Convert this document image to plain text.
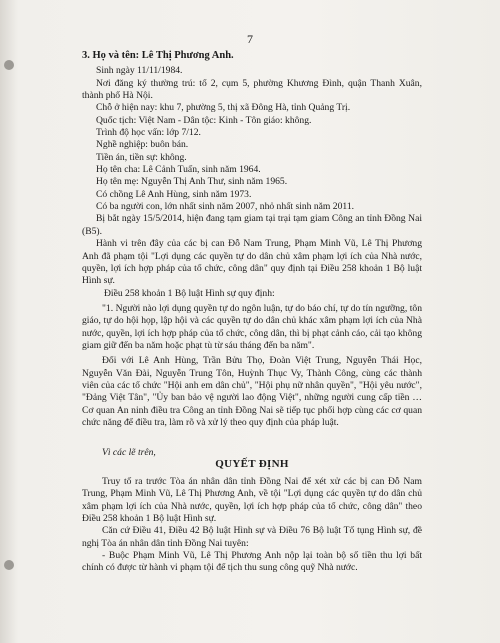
7

3. Họ và tên: Lê Thị Phương Anh.

Sinh ngày 11/11/1984.

Nơi đăng ký thường trú: tổ 2, cụm 5, phường Khương Đình, quận Thanh Xuân, thành phố Hà Nội.

Chỗ ở hiện nay: khu 7, phường 5, thị xã Đông Hà, tỉnh Quảng Trị.

Quốc tịch: Việt Nam - Dân tộc: Kinh - Tôn giáo: không.

Trình độ học vấn: lớp 7/12.

Nghề nghiệp: buôn bán.

Tiền án, tiền sự: không.

Họ tên cha: Lê Cảnh Tuấn, sinh năm 1964.

Họ tên mẹ: Nguyễn Thị Anh Thư, sinh năm 1965.

Có chồng Lê Anh Hùng, sinh năm 1973.

Có ba người con, lớn nhất sinh năm 2007, nhỏ nhất sinh năm 2011.

Bị bắt ngày 15/5/2014, hiện đang tạm giam tại trại tạm giam Công an tỉnh Đồng Nai (B5).

Hành vi trên đây của các bị can Đỗ Nam Trung, Phạm Minh Vũ, Lê Thị Phương Anh đã phạm tội "Lợi dụng các quyền tự do dân chủ xâm phạm lợi ích của Nhà nước, quyền, lợi ích hợp pháp của tổ chức, công dân" quy định tại Điều 258 khoản 1 Bộ luật Hình sự.

Điều 258 khoản 1 Bộ luật Hình sự quy định:

"1. Người nào lợi dụng quyền tự do ngôn luận, tự do báo chí, tự do tín ngưỡng, tôn giáo, tự do hội họp, lập hội và các quyền tự do dân chủ khác xâm phạm lợi ích của Nhà nước, quyền, lợi ích hợp pháp của tổ chức, công dân, thì bị phạt cảnh cáo, cải tạo không giam giữ đến ba năm hoặc phạt tù từ sáu tháng đến ba năm".

Đối với Lê Anh Hùng, Trần Bửu Thọ, Đoàn Việt Trung, Nguyễn Thái Học, Nguyễn Văn Đài, Nguyễn Trung Tôn, Huỳnh Thục Vy, Thành Công, cùng các thành viên của các tổ chức "Hội anh em dân chủ", "Hội phụ nữ nhân quyền", "Hội yêu nước", "Đảng Việt Tân", "Ủy ban bảo vệ người lao động Việt", những người cung cấp tiền … Cơ quan An ninh điều tra Công an tỉnh Đồng Nai sẽ tiếp tục phối hợp cùng các cơ quan chức năng để điều tra, làm rõ và xử lý theo quy định của pháp luật.

Vì các lẽ trên,

QUYẾT ĐỊNH

Truy tố ra trước Tòa án nhân dân tỉnh Đồng Nai để xét xử các bị can Đỗ Nam Trung, Phạm Minh Vũ, Lê Thị Phương Anh, về tội "Lợi dụng các quyền tự do dân chủ xâm phạm lợi ích của Nhà nước, quyền, lợi ích hợp pháp của tổ chức, công dân" theo Điều 258 khoản 1 Bộ luật Hình sự.

Căn cứ Điều 41, Điều 42 Bộ luật Hình sự và Điều 76 Bộ luật Tố tụng Hình sự, đề nghị Tòa án nhân dân tỉnh Đồng Nai tuyên:

- Buộc Phạm Minh Vũ, Lê Thị Phương Anh nộp lại toàn bộ số tiền thu lợi bất chính có được từ hành vi phạm tội để tịch thu sung công quỹ Nhà nước.
